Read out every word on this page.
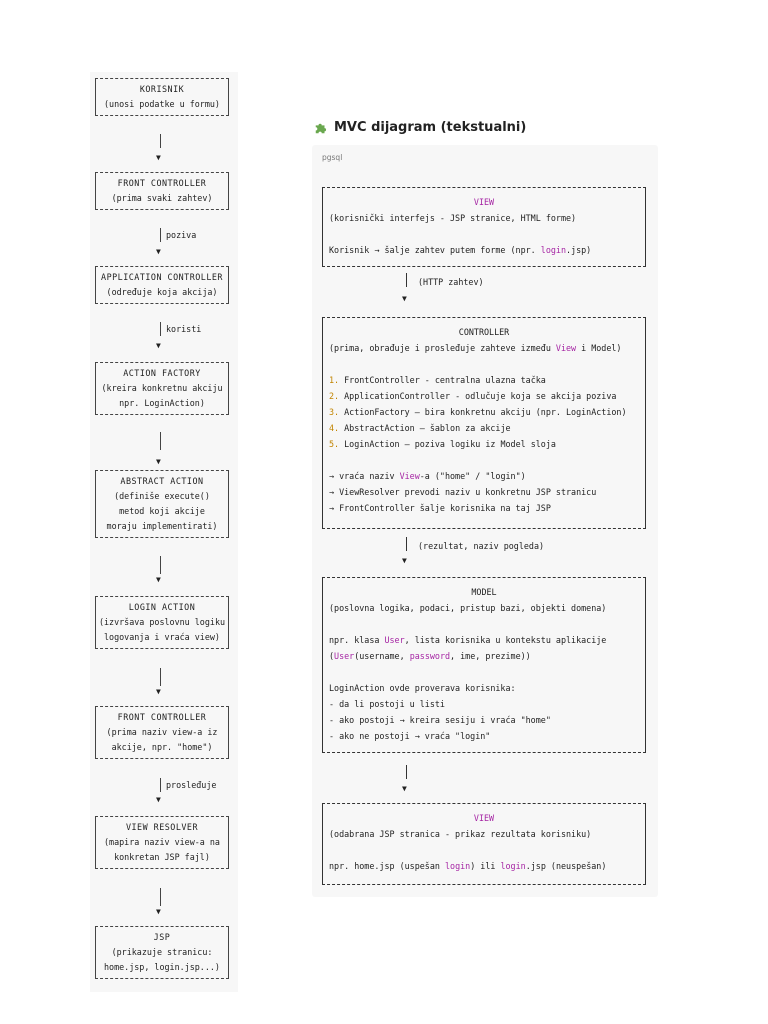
KORISNIK
(unosi podatke u formu)
▼
FRONT CONTROLLER
(prima svaki zahtev)
poziva
▼
APPLICATION CONTROLLER
(određuje koja akcija)
koristi
▼
ACTION FACTORY
(kreira konkretnu akciju
npr. LoginAction)
▼
ABSTRACT ACTION
(definiše execute()
metod koji akcije
moraju implementirati)
▼
LOGIN ACTION
(izvršava poslovnu logiku
logovanja i vraća view)
▼
FRONT CONTROLLER
(prima naziv view-a iz
akcije, npr. "home")
prosleđuje
▼
VIEW RESOLVER
(mapira naziv view-a na
konkretan JSP fajl)
▼
JSP
(prikazuje stranicu:
home.jsp, login.jsp...)
MVC dijagram (tekstualni)
pgsql
VIEW
(korisnički interfejs - JSP stranice, HTML forme)
Korisnik → šalje zahtev putem forme (npr. login.jsp)
(HTTP zahtev)
▼
CONTROLLER
(prima, obrađuje i prosleđuje zahteve između View i Model)
1. FrontController - centralna ulazna tačka
2. ApplicationController - odlučuje koja se akcija poziva
3. ActionFactory – bira konkretnu akciju (npr. LoginAction)
4. AbstractAction – šablon za akcije
5. LoginAction – poziva logiku iz Model sloja
→ vraća naziv View-a ("home" / "login")
→ ViewResolver prevodi naziv u konkretnu JSP stranicu
→ FrontController šalje korisnika na taj JSP
(rezultat, naziv pogleda)
▼
MODEL
(poslovna logika, podaci, pristup bazi, objekti domena)
npr. klasa User, lista korisnika u kontekstu aplikacije
(User(username, password, ime, prezime))
LoginAction ovde proverava korisnika:
- da li postoji u listi
- ako postoji → kreira sesiju i vraća "home"
- ako ne postoji → vraća "login"
▼
VIEW
(odabrana JSP stranica - prikaz rezultata korisniku)
npr. home.jsp (uspešan login) ili login.jsp (neuspešan)
